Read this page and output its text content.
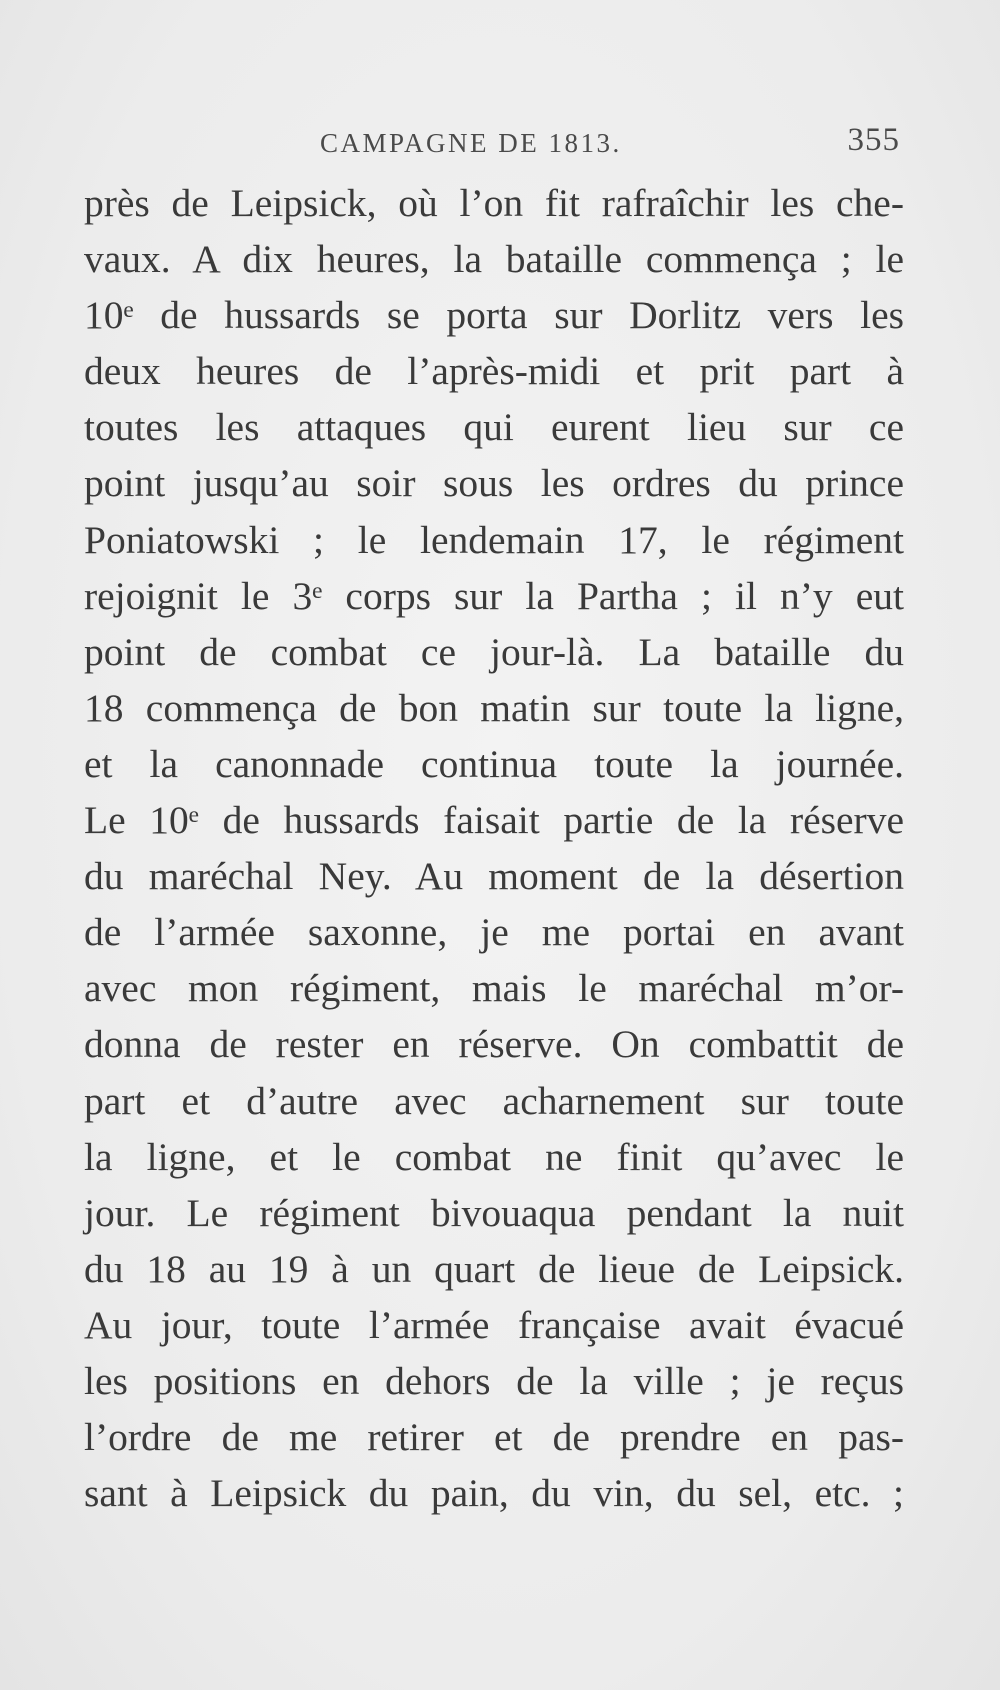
CAMPAGNE DE 1813.	355
près de Leipsick, où l’on fit rafraîchir les che-
vaux. A dix heures, la bataille commença ; le
10ᵉ de hussards se porta sur Dorlitz vers les
deux heures de l’après-midi et prit part à
toutes les attaques qui eurent lieu sur ce
point jusqu’au soir sous les ordres du prince
Poniatowski ; le lendemain 17, le régiment
rejoignit le 3ᵉ corps sur la Partha ; il n’y eut
point de combat ce jour-là. La bataille du
18 commença de bon matin sur toute la ligne,
et la canonnade continua toute la journée.
Le 10ᵉ de hussards faisait partie de la réserve
du maréchal Ney. Au moment de la désertion
de l’armée saxonne, je me portai en avant
avec mon régiment, mais le maréchal m’or-
donna de rester en réserve. On combattit de
part et d’autre avec acharnement sur toute
la ligne, et le combat ne finit qu’avec le
jour. Le régiment bivouaqua pendant la nuit
du 18 au 19 à un quart de lieue de Leipsick.
Au jour, toute l’armée française avait évacué
les positions en dehors de la ville ; je reçus
l’ordre de me retirer et de prendre en pas-
sant à Leipsick du pain, du vin, du sel, etc. ;
